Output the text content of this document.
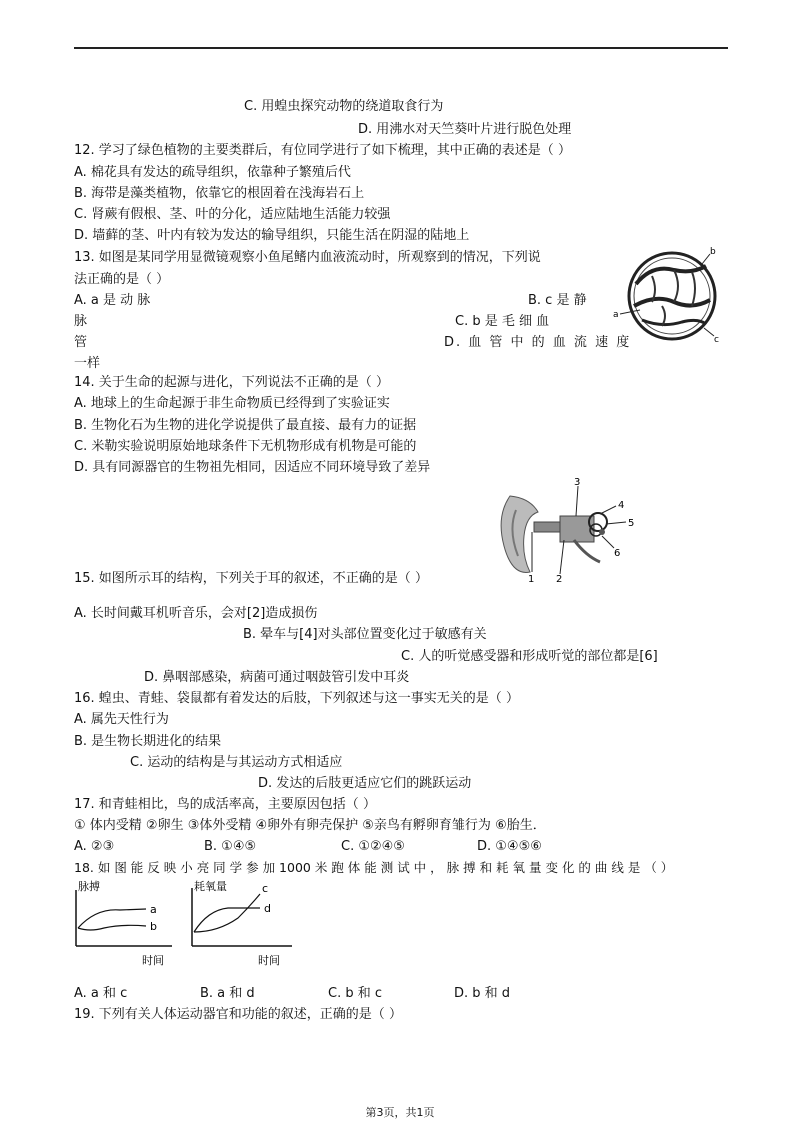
C. 用蝗虫探究动物的绕道取食行为
D. 用沸水对天竺葵叶片进行脱色处理
12. 学习了绿色植物的主要类群后，有位同学进行了如下梳理，其中正确的表述是（ ）
A. 棉花具有发达的疏导组织，依靠种子繁殖后代
B. 海带是藻类植物，依靠它的根固着在浅海岩石上
C. 肾蕨有假根、茎、叶的分化，适应陆地生活能力较强
D. 墙藓的茎、叶内有较为发达的输导组织，只能生活在阴湿的陆地上
13. 如图是某同学用显微镜观察小鱼尾鳍内血液流动时，所观察到的情况，下列说
法正确的是（ ）
A. a 是 动 脉	B. c 是 静
脉	C. b 是 毛 细 血
管	D. 血 管 中 的 血 流 速 度
一样
a
b
c
14. 关于生命的起源与进化，下列说法不正确的是（ ）
A. 地球上的生命起源于非生命物质已经得到了实验证实
B. 生物化石为生物的进化学说提供了最直接、最有力的证据
C. 米勒实验说明原始地球条件下无机物形成有机物是可能的
D. 具有同源器官的生物祖先相同，因适应不同环境导致了差异
3
4
5
6
1 2
15. 如图所示耳的结构，下列关于耳的叙述，不正确的是（ ）
A. 长时间戴耳机听音乐，会对[2]造成损伤
B. 晕车与[4]对头部位置变化过于敏感有关
C. 人的听觉感受器和形成听觉的部位都是[6]
D. 鼻咽部感染，病菌可通过咽鼓管引发中耳炎
16. 蝗虫、青蛙、袋鼠都有着发达的后肢，下列叙述与这一事实无关的是（ ）
A. 属先天性行为
B. 是生物长期进化的结果
C. 运动的结构是与其运动方式相适应
D. 发达的后肢更适应它们的跳跃运动
17. 和青蛙相比，鸟的成活率高，主要原因包括（ ）
① 体内受精 ②卵生 ③体外受精 ④卵外有卵壳保护 ⑤亲鸟有孵卵育雏行为 ⑥胎生．
A. ②③	B. ①④⑤	C. ①②④⑤	D. ①④⑤⑥
18. 如 图 能 反 映 小 亮 同 学 参 加 1000 米 跑 体 能 测 试 中 ， 脉 搏 和 耗 氧 量 变 化 的 曲 线 是 （ ）
脉搏
a
b
时间
耗氧量	c
d
时间
A. a 和 c	B. a 和 d	C. b 和 c	D. b 和 d
19. 下列有关人体运动器官和功能的叙述，正确的是（ ）
第3页，共1页
